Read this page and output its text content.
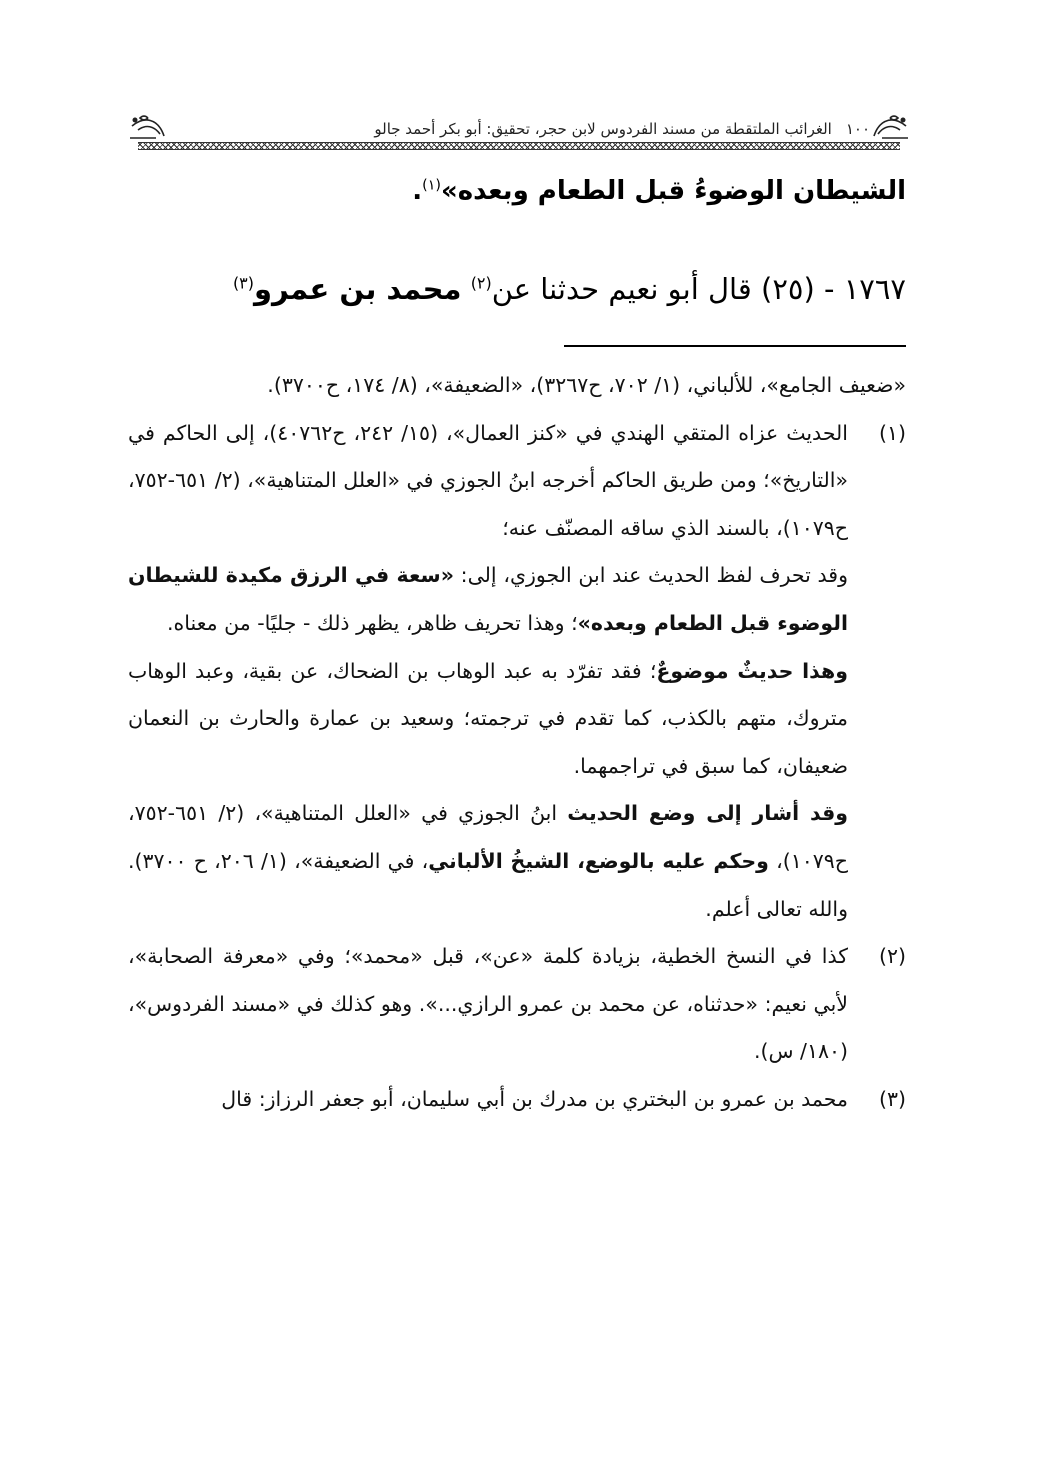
١٠٠الغرائب الملتقطة من مسند الفردوس لابن حجر، تحقيق: أبو بكر أحمد جالو
الشيطان الوضوءُ قبل الطعام وبعده»$^{(١)}$.
١٧٦٧ - (٢٥) قال أبو نعيم حدثنا عن$^{(٢)}$ محمد بن عمرو$^{(٣)}$

«ضعيف الجامع»، للألباني، (١/ ٧٠٢، ح٣٢٦٧)، «الضعيفة»، (٨/ ١٧٤، ح٣٧٠٠).

(١)

الحديث عزاه المتقي الهندي في «كنز العمال»، (١٥/ ٢٤٢، ح٤٠٧٦٢)، إلى الحاكم في «التاريخ»؛ ومن طريق الحاكم أخرجه ابنُ الجوزي في «العلل المتناهية»، (٢/ ٦٥١-٧٥٢، ح١٠٧٩)، بالسند الذي ساقه المصنّف عنه؛

وقد تحرف لفظ الحديث عند ابن الجوزي، إلى: «سعة في الرزق مكيدة للشيطان الوضوء قبل الطعام وبعده»؛ وهذا تحريف ظاهر، يظهر ذلك - جليًا- من معناه.

وهذا حديثٌ موضوعٌ؛ فقد تفرّد به عبد الوهاب بن الضحاك، عن بقية، وعبد الوهاب متروك، متهم بالكذب، كما تقدم في ترجمته؛ وسعيد بن عمارة والحارث بن النعمان ضعيفان، كما سبق في تراجمهما.

وقد أشار إلى وضع الحديث ابنُ الجوزي في «العلل المتناهية»، (٢/ ٦٥١-٧٥٢، ح١٠٧٩)، وحكم عليه بالوضع، الشيخُ الألباني، في الضعيفة»، (١/ ٢٠٦، ح ٣٧٠٠). والله تعالى أعلم.

(٢)

كذا في النسخ الخطية، بزيادة كلمة «عن»، قبل «محمد»؛ وفي «معرفة الصحابة»، لأبي نعيم: «حدثناه، عن محمد بن عمرو الرازي...». وهو كذلك في «مسند الفردوس»، (١٨٠/ س).

(٣)

محمد بن عمرو بن البختري بن مدرك بن أبي سليمان، أبو جعفر الرزاز: قال
